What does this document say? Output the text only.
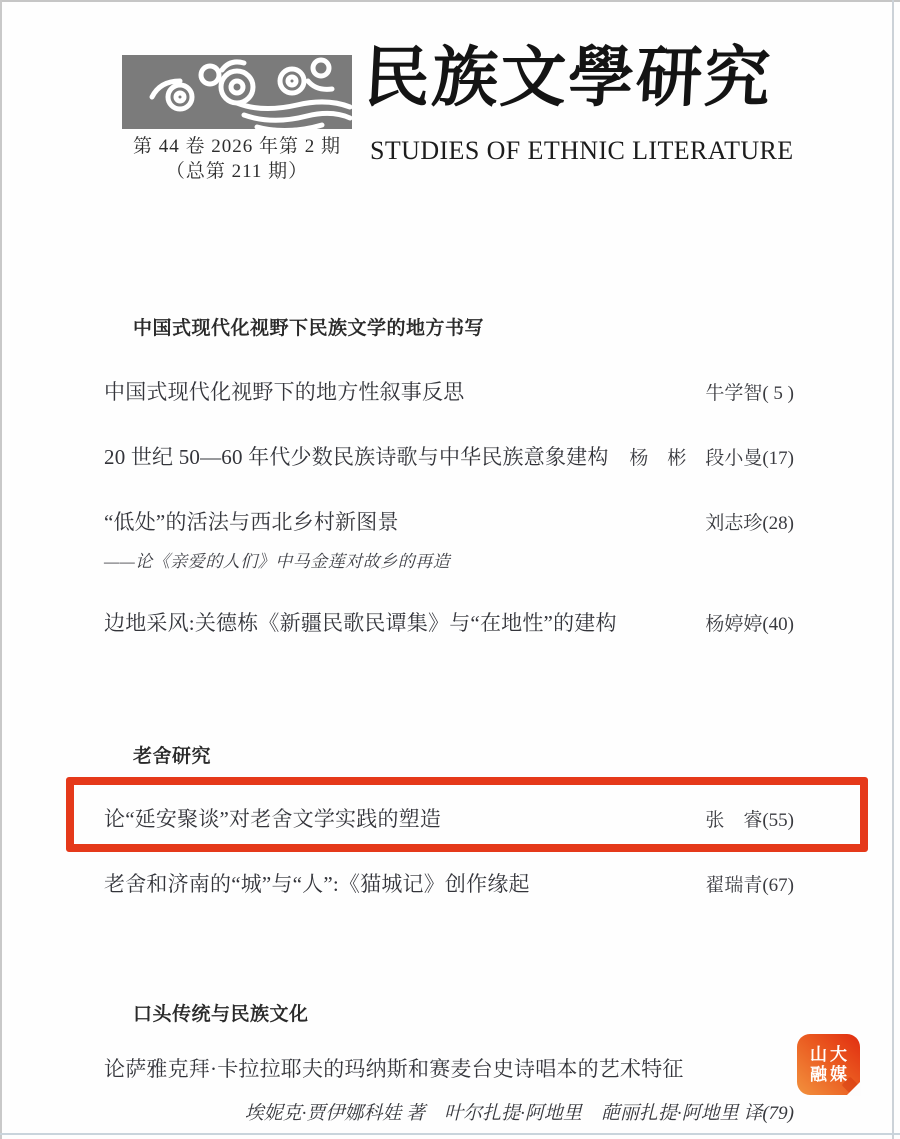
第 44 卷 2026 年第 2 期
（总第 211 期）
民族文學研究
STUDIES OF ETHNIC LITERATURE
中国式现代化视野下民族文学的地方书写
中国式现代化视野下的地方性叙事反思	牛学智( 5 )
20 世纪 50—60 年代少数民族诗歌与中华民族意象建构	杨　彬　段小曼(17)
“低处”的活法与西北乡村新图景	刘志珍(28)
——论《亲爱的人们》中马金莲对故乡的再造
边地采风:关德栋《新疆民歌民谭集》与“在地性”的建构	杨婷婷(40)
老舍研究
论“延安聚谈”对老舍文学实践的塑造	张　睿(55)
老舍和济南的“城”与“人”:《猫城记》创作缘起	翟瑞青(67)
口头传统与民族文化
论萨雅克拜·卡拉拉耶夫的玛纳斯和赛麦台史诗唱本的艺术特征
埃妮克·贾伊娜科娃 著　叶尔扎提·阿地里　葩丽扎提·阿地里 译(79)
山大
融媒
